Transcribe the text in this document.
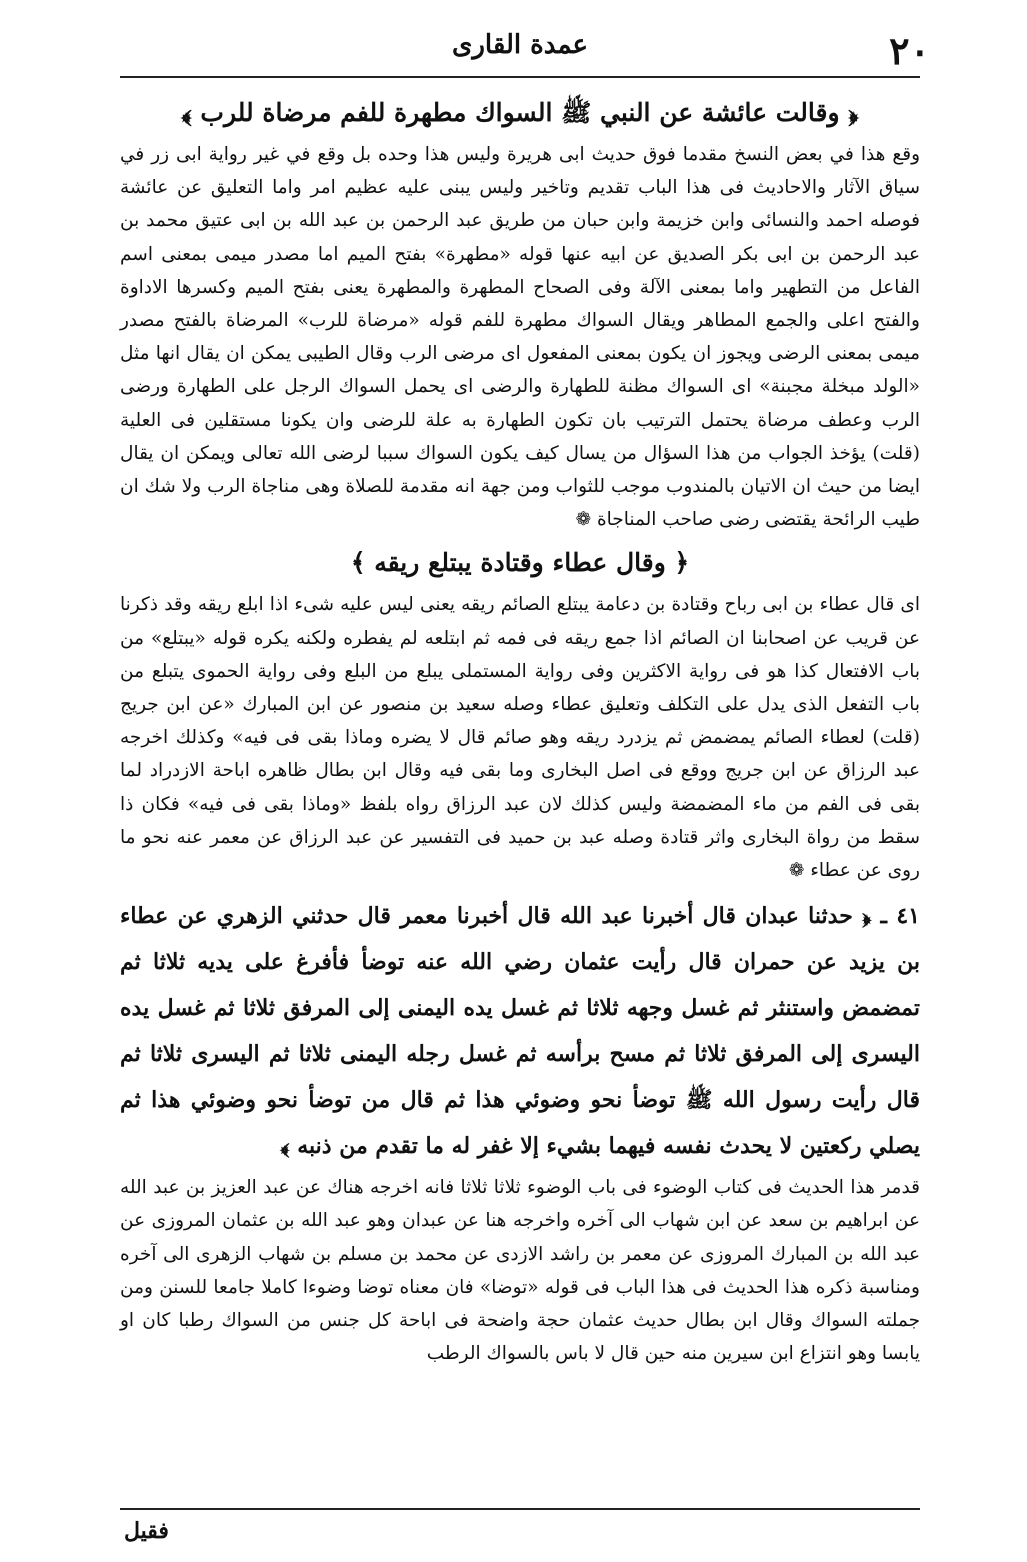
٢٠
عمدة القاری
﴿ وقالت عائشة عن النبي ﷺ السواك مطهرة للفم مرضاة للرب ﴾

وقع هذا في بعض النسخ مقدما فوق حديث ابی هريرة وليس هذا وحده بل وقع في غير رواية ابی زر في سياق الآثار والاحاديث فی هذا الباب تقديم وتاخير وليس يبنی عليه عظيم امر واما التعليق عن عائشة فوصله احمد والنسائی وابن خزيمة وابن حبان من طريق عبد الرحمن بن عبد الله بن ابی عتيق محمد بن عبد الرحمن بن ابی بكر الصديق عن ابيه عنها قوله «مطهرة» بفتح الميم اما مصدر ميمی بمعنى اسم الفاعل من التطهير واما بمعنى الآلة وفی الصحاح المطهرة والمطهرة يعنی بفتح الميم وكسرها الاداوة والفتح اعلى والجمع المطاهر ويقال السواك مطهرة للفم قوله «مرضاة للرب» المرضاة بالفتح مصدر ميمی بمعنى الرضى ويجوز ان يكون بمعنى المفعول ای مرضی الرب وقال الطيبی يمكن ان يقال انها مثل «الولد مبخلة مجبنة» ای السواك مظنة للطهارة والرضى ای يحمل السواك الرجل على الطهارة ورضى الرب وعطف مرضاة يحتمل الترتيب بان تكون الطهارة به علة للرضى وان يكونا مستقلين فی العلية (قلت) يؤخذ الجواب من هذا السؤال من يسال كيف يكون السواك سببا لرضى الله تعالى ويمكن ان يقال ايضا من حيث ان الاتيان بالمندوب موجب للثواب ومن جهة انه مقدمة للصلاة وهی مناجاة الرب ولا شك ان طيب الرائحة يقتضی رضى صاحب المناجاة ❁

﴿ وقال عطاء وقتادة يبتلع ريقه ﴾

ای قال عطاء بن ابی رباح وقتادة بن دعامة يبتلع الصائم ريقه يعنی ليس عليه شیء اذا ابلع ريقه وقد ذكرنا عن قريب عن اصحابنا ان الصائم اذا جمع ريقه فی فمه ثم ابتلعه لم يفطره ولكنه يكره قوله «يبتلع» من باب الافتعال كذا هو فی رواية الاكثرين وفی رواية المستملی يبلع من البلع وفی رواية الحموی يتبلع من باب التفعل الذی يدل على التكلف وتعليق عطاء وصله سعيد بن منصور عن ابن المبارك «عن ابن جريج (قلت) لعطاء الصائم يمضمض ثم يزدرد ريقه وهو صائم قال لا يضره وماذا بقی فی فيه» وكذلك اخرجه عبد الرزاق عن ابن جريج ووقع فی اصل البخاری وما بقی فيه وقال ابن بطال ظاهره اباحة الازدراد لما بقی فی الفم من ماء المضمضة وليس كذلك لان عبد الرزاق رواه بلفظ «وماذا بقی فی فيه» فكان ذا سقط من رواة البخاری واثر قتادة وصله عبد بن حميد فی التفسير عن عبد الرزاق عن معمر عنه نحو ما روی عن عطاء ❁

٤١ ـ ﴿ حدثنا عبدان قال أخبرنا عبد الله قال أخبرنا معمر قال حدثني الزهري عن عطاء بن يزيد عن حمران قال رأيت عثمان رضي الله عنه توضأ فأفرغ على يديه ثلاثا ثم تمضمض واستنثر ثم غسل وجهه ثلاثا ثم غسل يده اليمنى إلى المرفق ثلاثا ثم غسل يده اليسرى إلى المرفق ثلاثا ثم مسح برأسه ثم غسل رجله اليمنى ثلاثا ثم اليسرى ثلاثا ثم قال رأيت رسول الله ﷺ توضأ نحو وضوئي هذا ثم قال من توضأ نحو وضوئي هذا ثم يصلي ركعتين لا يحدث نفسه فيهما بشيء إلا غفر له ما تقدم من ذنبه ﴾

قدمر هذا الحديث فی كتاب الوضوء فی باب الوضوء ثلاثا ثلاثا فانه اخرجه هناك عن عبد العزيز بن عبد الله عن ابراهيم بن سعد عن ابن شهاب الى آخره واخرجه هنا عن عبدان وهو عبد الله بن عثمان المروزی عن عبد الله بن المبارك المروزی عن معمر بن راشد الازدی عن محمد بن مسلم بن شهاب الزهری الى آخره ومناسبة ذكره هذا الحديث فی هذا الباب فی قوله «توضا» فان معناه توضا وضوءا كاملا جامعا للسنن ومن جملته السواك وقال ابن بطال حديث عثمان حجة واضحة فی اباحة كل جنس من السواك رطبا كان او يابسا وهو انتزاع ابن سيرين منه حين قال لا باس بالسواك الرطب

فقيل
